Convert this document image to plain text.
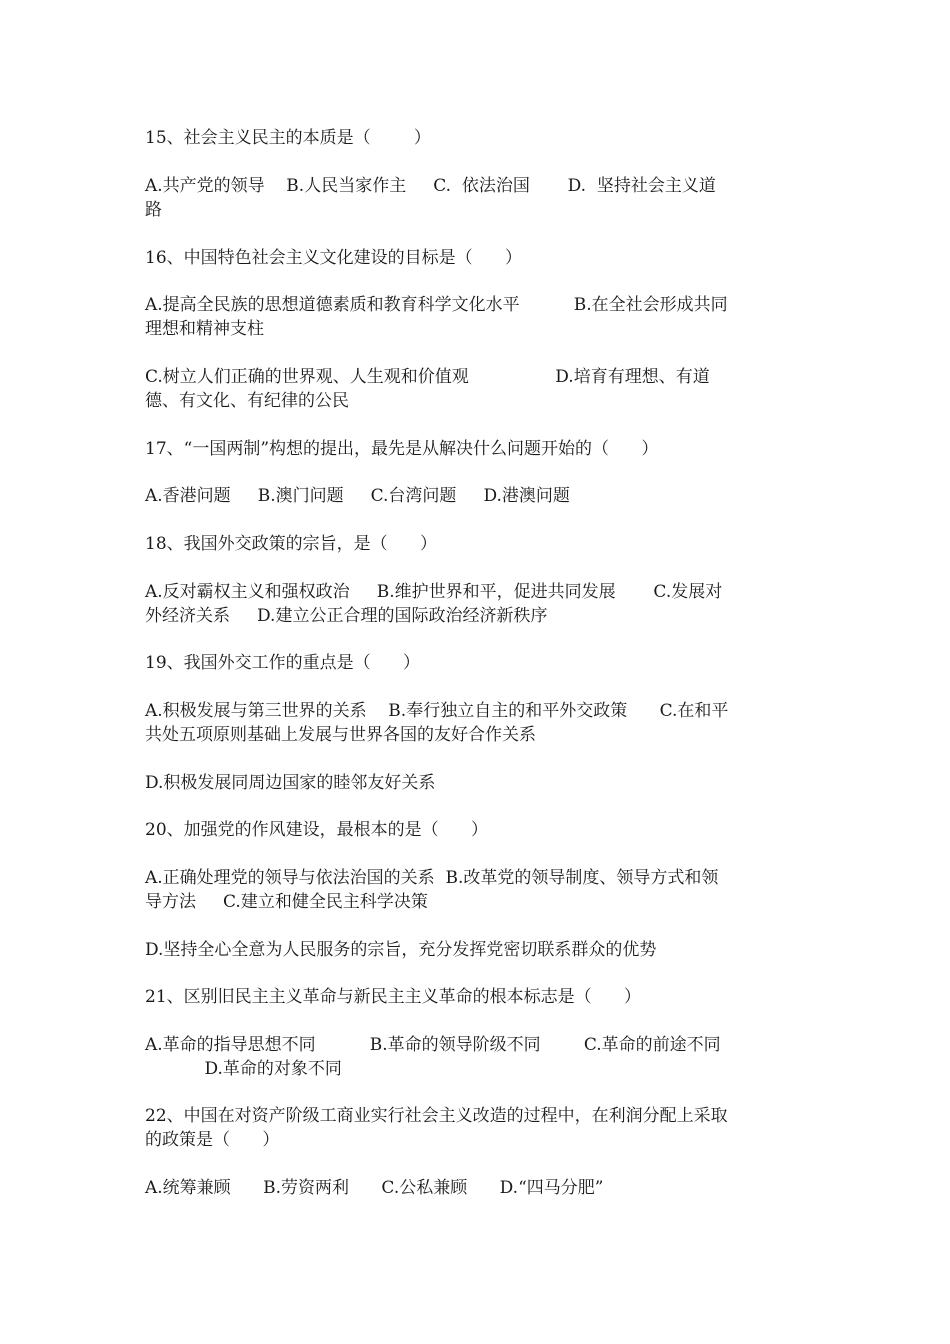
15、社会主义民主的本质是（        ）
A.共产党的领导    B.人民当家作主     C.  依法治国       D.  坚持社会主义道
路
16、中国特色社会主义文化建设的目标是（      ）
A.提高全民族的思想道德素质和教育科学文化水平          B.在全社会形成共同
理想和精神支柱
C.树立人们正确的世界观、人生观和价值观                D.培育有理想、有道
德、有文化、有纪律的公民
17、“一国两制”构想的提出，最先是从解决什么问题开始的（      ）
A.香港问题     B.澳门问题     C.台湾问题     D.港澳问题
18、我国外交政策的宗旨，是（      ）
A.反对霸权主义和强权政治     B.维护世界和平，促进共同发展       C.发展对
外经济关系     D.建立公正合理的国际政治经济新秩序
19、我国外交工作的重点是（      ）
A.积极发展与第三世界的关系    B.奉行独立自主的和平外交政策      C.在和平
共处五项原则基础上发展与世界各国的友好合作关系
D.积极发展同周边国家的睦邻友好关系
20、加强党的作风建设，最根本的是（      ）
A.正确处理党的领导与依法治国的关系  B.改革党的领导制度、领导方式和领
导方法     C.建立和健全民主科学决策
D.坚持全心全意为人民服务的宗旨，充分发挥党密切联系群众的优势
21、区别旧民主主义革命与新民主主义革命的根本标志是（      ）
A.革命的指导思想不同          B.革命的领导阶级不同        C.革命的前途不同
D.革命的对象不同
22、中国在对资产阶级工商业实行社会主义改造的过程中，在利润分配上采取
的政策是（      ）
A.统筹兼顾      B.劳资两利      C.公私兼顾      D.“四马分肥”
